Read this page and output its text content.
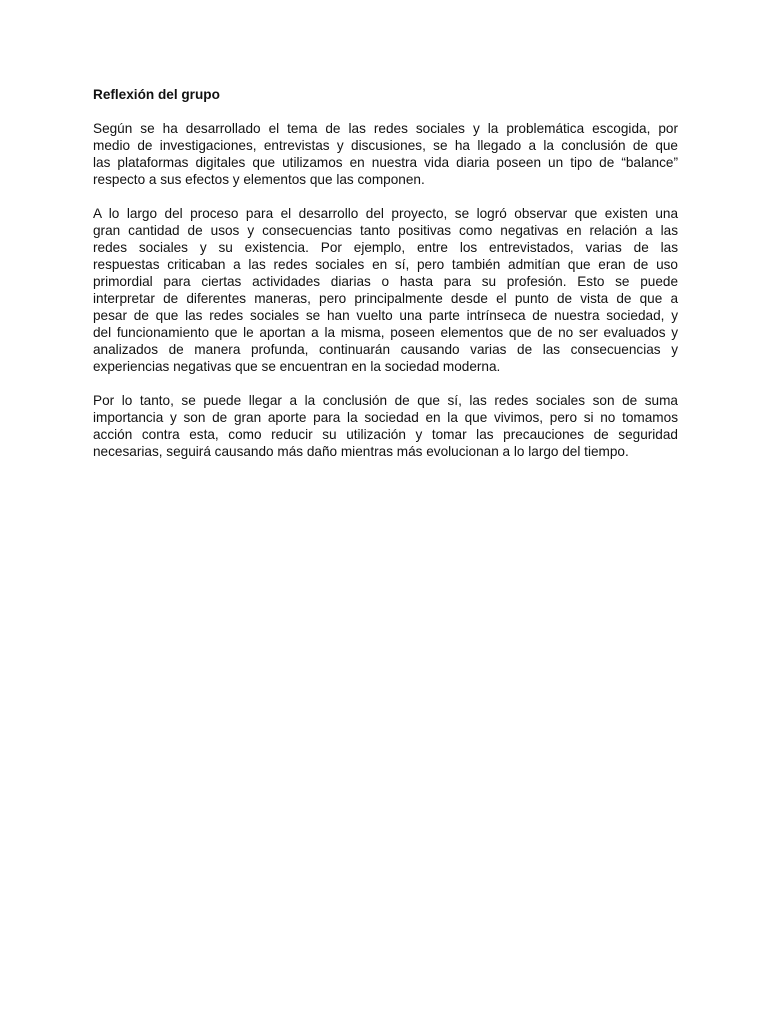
Reflexión del grupo
Según se ha desarrollado el tema de las redes sociales y la problemática escogida, por
medio de investigaciones, entrevistas y discusiones, se ha llegado a la conclusión de que
las plataformas digitales que utilizamos en nuestra vida diaria poseen un tipo de “balance”
respecto a sus efectos y elementos que las componen.
A lo largo del proceso para el desarrollo del proyecto, se logró observar que existen una
gran cantidad de usos y consecuencias tanto positivas como negativas en relación a las
redes sociales y su existencia. Por ejemplo, entre los entrevistados, varias de las
respuestas criticaban a las redes sociales en sí, pero también admitían que eran de uso
primordial para ciertas actividades diarias o hasta para su profesión. Esto se puede
interpretar de diferentes maneras, pero principalmente desde el punto de vista de que a
pesar de que las redes sociales se han vuelto una parte intrínseca de nuestra sociedad, y
del funcionamiento que le aportan a la misma, poseen elementos que de no ser evaluados y
analizados de manera profunda, continuarán causando varias de las consecuencias y
experiencias negativas que se encuentran en la sociedad moderna.
Por lo tanto, se puede llegar a la conclusión de que sí, las redes sociales son de suma
importancia y son de gran aporte para la sociedad en la que vivimos, pero si no tomamos
acción contra esta, como reducir su utilización y tomar las precauciones de seguridad
necesarias, seguirá causando más daño mientras más evolucionan a lo largo del tiempo.
